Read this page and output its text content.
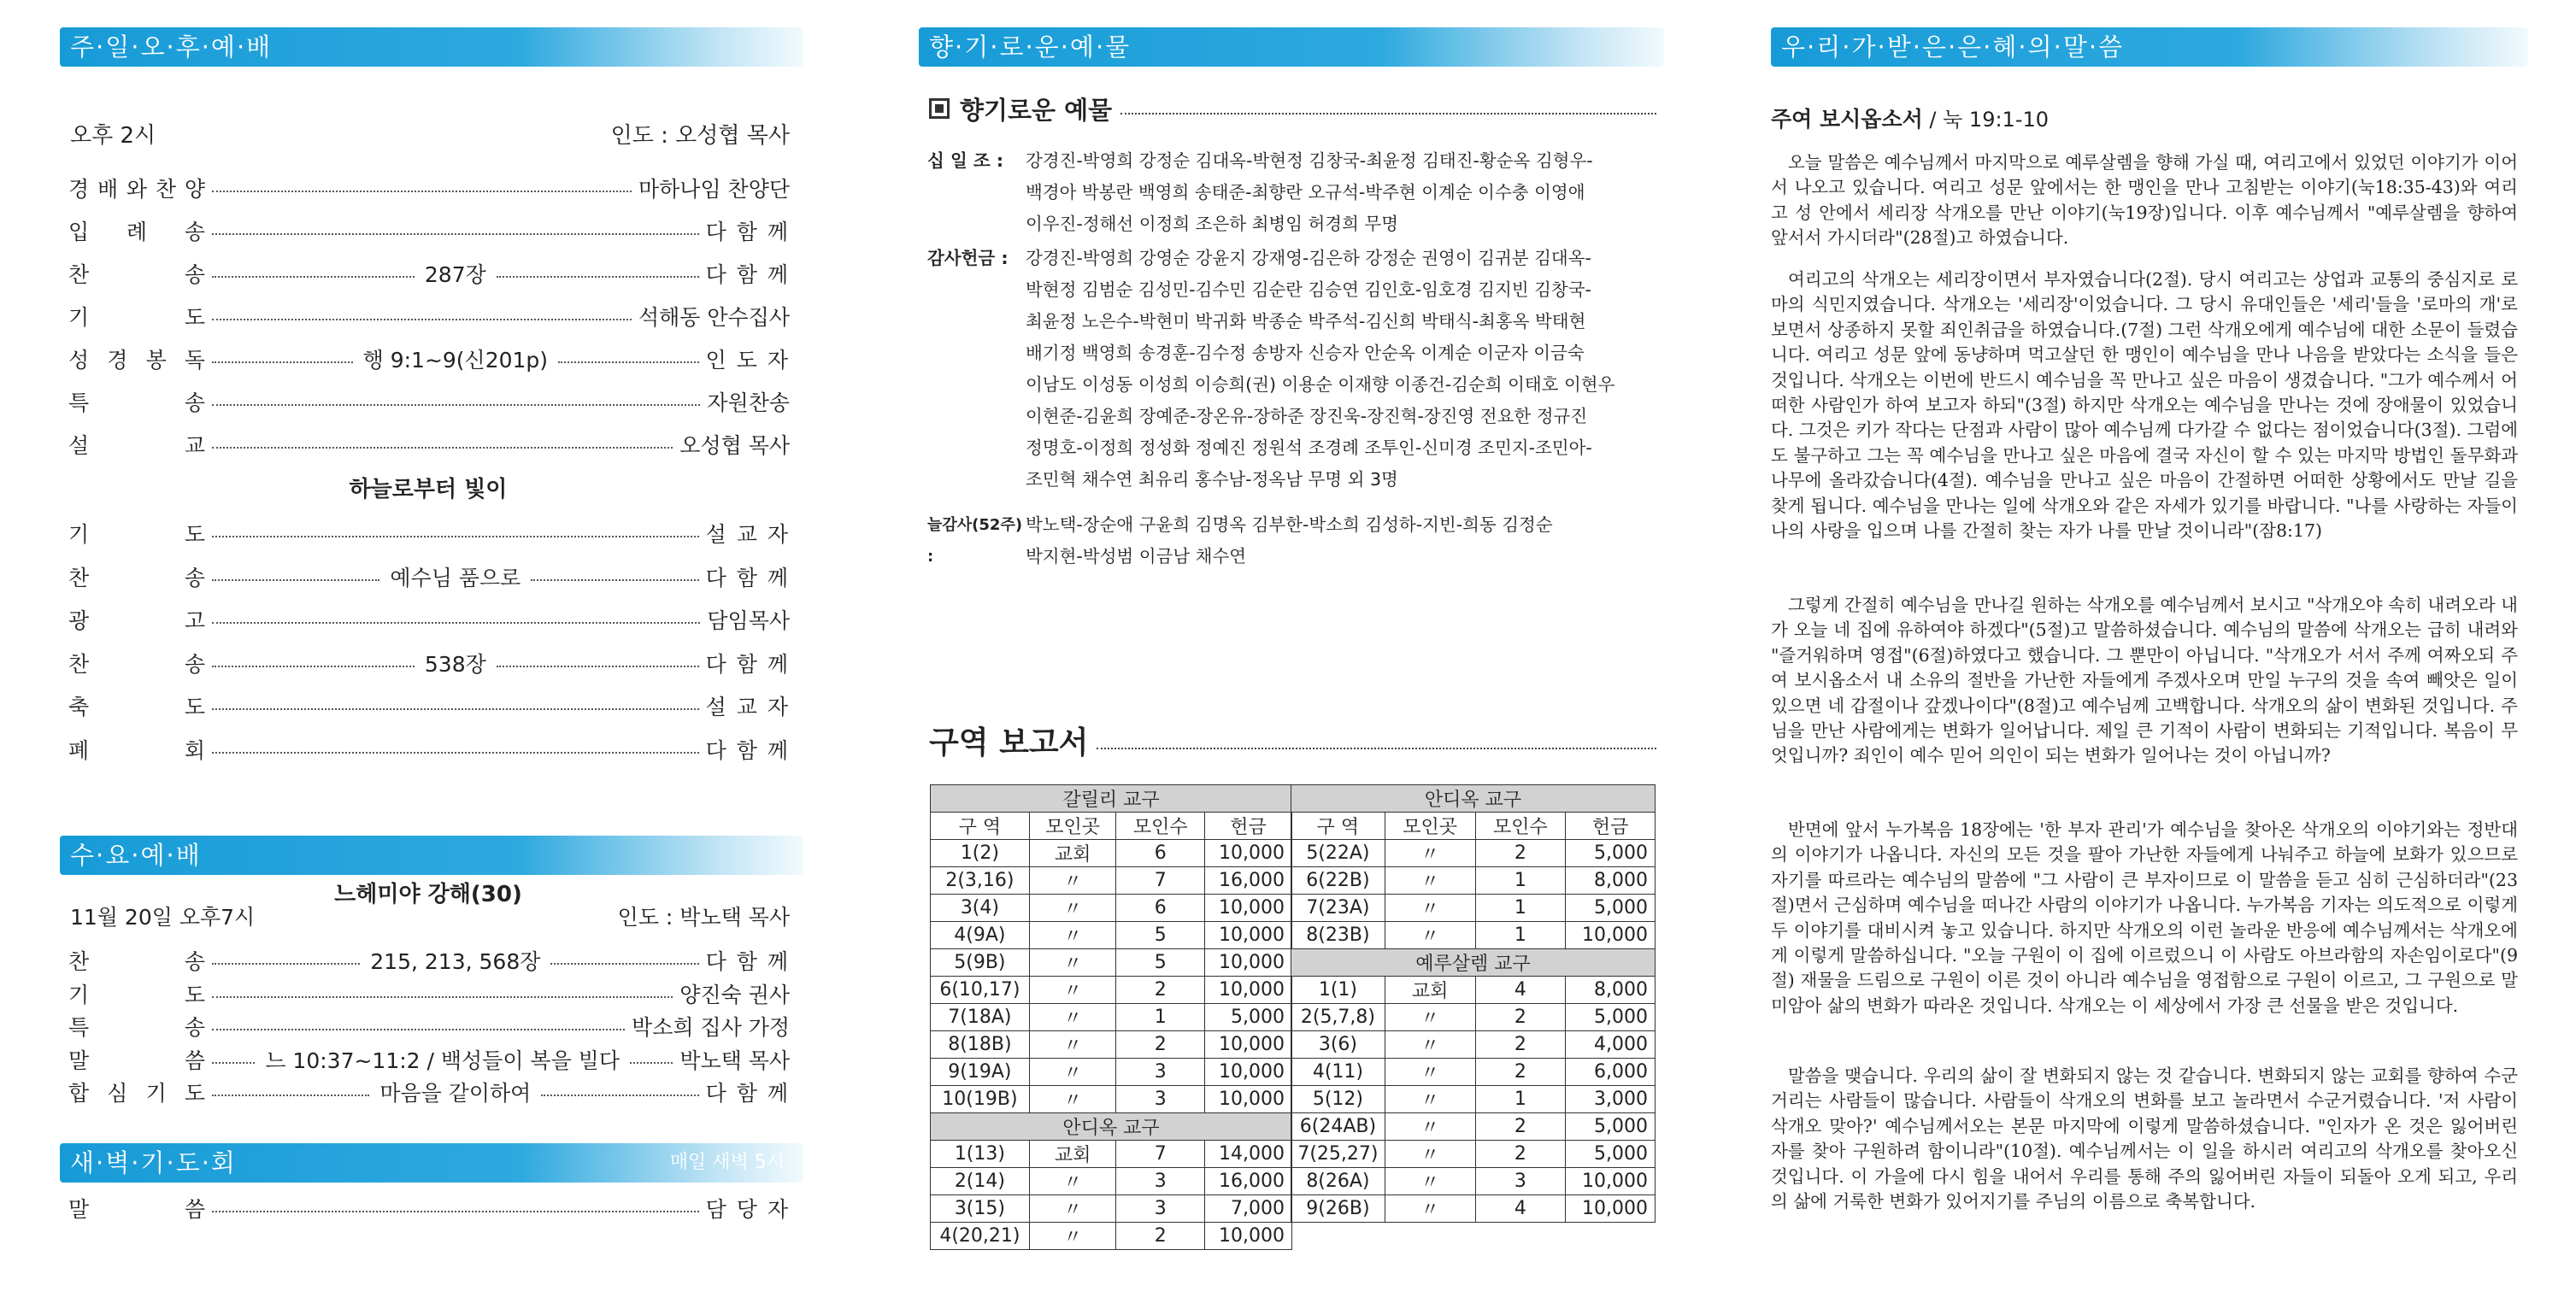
주·일·오·후·예·배
오후 2시	인도 : 오성협 목사
경 배 와 찬 양	마하나임 찬양단
입 례 송	다 함 께
찬	송	287장	다 함 께
기	도	석해동 안수집사
성 경 봉 독	행 9:1~9(신201p)	인 도 자
특	송	자원찬송
설	교	오성협 목사
하늘로부터 빛이
기	도	설 교 자
찬	송	예수님 품으로	다 함 께
광	고	담임목사
찬	송	538장	다 함 께
축	도	설 교 자
폐	회	다 함 께
수·요·예·배
느헤미야 강해(30)
11월 20일 오후7시	인도 : 박노택 목사
찬	송	215, 213, 568장	다 함 께
기	도	양진숙 권사
특	송	박소희 집사 가정
말	씀	느 10:37~11:2 / 백성들이 복을 빌다	박노택 목사
합 심 기 도	마음을 같이하여	다 함 께
새·벽·기·도·회	매일 새벽 5시
말	씀	담 당 자
향·기·로·운·예·물
향기로운 예물
십 일 조 :	강경진-박영희 강정순 김대옥-박현정 김창국-최윤정 김태진-황순옥 김형우-
백경아 박봉란 백영희 송태준-최향란 오규석-박주현 이계순 이수충 이영애
이우진-정해선 이정희 조은하 최병임 허경희 무명
감사헌금 : 강경진-박영희 강영순 강윤지 강재영-김은하 강정순 권영이 김귀분 김대옥-
박현정 김범순 김성민-김수민 김순란 김승연 김인호-임호경 김지빈 김창국-
최윤정 노은수-박현미 박귀화 박종순 박주석-김신희 박태식-최홍옥 박태현
배기정 백영희 송경훈-김수정 송방자 신승자 안순옥 이계순 이군자 이금숙
이남도 이성동 이성희 이승희(권) 이용순 이재향 이종건-김순희 이태호 이현우
이현준-김윤희 장예준-장온유-장하준 장진욱-장진혁-장진영 전요한 정규진
정명호-이정희 정성화 정예진 정원석 조경례 조투인-신미경 조민지-조민아-
조민혁 채수연 최유리 홍수남-정옥남 무명 외 3명
늘감사(52주) :
박노택-장순애 구윤희 김명옥 김부한-박소희 김성하-지빈-희동 김정순
박지현-박성범 이금남 채수연
구역 보고서
갈릴리 교구			
구 역	모인곳	모인수	헌금
1(2)	교회	6	10,000
2(3,16)	〃	7	16,000
3(4)	〃	6	10,000
4(9A)	〃	5	10,000
5(9B)	〃	5	10,000
6(10,17)	〃	2	10,000
7(18A)	〃	1	5,000
8(18B)	〃	2	10,000
9(19A)	〃	3	10,000
10(19B)	〃	3	10,000
안디옥 교구			
1(13)	교회	7	14,000
2(14)	〃	3	16,000
3(15)	〃	3	7,000
4(20,21)	〃	2	10,000
안디옥 교구			
구 역	모인곳	모인수	헌금
5(22A)	〃	2	5,000
6(22B)	〃	1	8,000
7(23A)	〃	1	5,000
8(23B)	〃	1	10,000
예루살렘 교구			
1(1)	교회	4	8,000
2(5,7,8)	〃	2	5,000
3(6)	〃	2	4,000
4(11)	〃	2	6,000
5(12)	〃	1	3,000
6(24AB)	〃	2	5,000
7(25,27)	〃	2	5,000
8(26A)	〃	3	10,000
9(26B)	〃	4	10,000
우·리·가·받·은·은·혜·의·말·씀
주여 보시옵소서 / 눅 19:1-10
오늘 말씀은 예수님께서 마지막으로 예루살렘을 향해 가실 때, 여리고에서 있었던 이야기가 이어서 나오고 있습니다. 여리고 성문 앞에서는 한 맹인을 만나 고침받는 이야기(눅18:35-43)와 여리고 성 안에서 세리장 삭개오를 만난 이야기(눅19장)입니다. 이후 예수님께서 "예루살렘을 향하여 앞서서 가시더라"(28절)고 하였습니다.
여리고의 삭개오는 세리장이면서 부자였습니다(2절). 당시 여리고는 상업과 교통의 중심지로 로마의 식민지였습니다. 삭개오는 '세리장'이었습니다. 그 당시 유대인들은 '세리'들을 '로마의 개'로 보면서 상종하지 못할 죄인취급을 하였습니다.(7절) 그런 삭개오에게 예수님에 대한 소문이 들렸습니다. 여리고 성문 앞에 동냥하며 먹고살던 한 맹인이 예수님을 만나 나음을 받았다는 소식을 들은 것입니다. 삭개오는 이번에 반드시 예수님을 꼭 만나고 싶은 마음이 생겼습니다. "그가 예수께서 어떠한 사람인가 하여 보고자 하되"(3절) 하지만 삭개오는 예수님을 만나는 것에 장애물이 있었습니다. 그것은 키가 작다는 단점과 사람이 많아 예수님께 다가갈 수 없다는 점이었습니다(3절). 그럼에도 불구하고 그는 꼭 예수님을 만나고 싶은 마음에 결국 자신이 할 수 있는 마지막 방법인 돌무화과나무에 올라갔습니다(4절). 예수님을 만나고 싶은 마음이 간절하면 어떠한 상황에서도 만날 길을 찾게 됩니다. 예수님을 만나는 일에 삭개오와 같은 자세가 있기를 바랍니다. "나를 사랑하는 자들이 나의 사랑을 입으며 나를 간절히 찾는 자가 나를 만날 것이니라"(잠8:17)
그렇게 간절히 예수님을 만나길 원하는 삭개오를 예수님께서 보시고 "삭개오야 속히 내려오라 내가 오늘 네 집에 유하여야 하겠다"(5절)고 말씀하셨습니다. 예수님의 말씀에 삭개오는 급히 내려와 "즐거워하며 영접"(6절)하였다고 했습니다. 그 뿐만이 아닙니다. "삭개오가 서서 주께 여짜오되 주여 보시옵소서 내 소유의 절반을 가난한 자들에게 주겠사오며 만일 누구의 것을 속여 빼앗은 일이 있으면 네 갑절이나 갚겠나이다"(8절)고 예수님께 고백합니다. 삭개오의 삶이 변화된 것입니다. 주님을 만난 사람에게는 변화가 일어납니다. 제일 큰 기적이 사람이 변화되는 기적입니다. 복음이 무엇입니까? 죄인이 예수 믿어 의인이 되는 변화가 일어나는 것이 아닙니까?
반면에 앞서 누가복음 18장에는 '한 부자 관리'가 예수님을 찾아온 삭개오의 이야기와는 정반대의 이야기가 나옵니다. 자신의 모든 것을 팔아 가난한 자들에게 나눠주고 하늘에 보화가 있으므로 자기를 따르라는 예수님의 말씀에 "그 사람이 큰 부자이므로 이 말씀을 듣고 심히 근심하더라"(23절)면서 근심하며 예수님을 떠나간 사람의 이야기가 나옵니다. 누가복음 기자는 의도적으로 이렇게 두 이야기를 대비시켜 놓고 있습니다. 하지만 삭개오의 이런 놀라운 반응에 예수님께서는 삭개오에게 이렇게 말씀하십니다. "오늘 구원이 이 집에 이르렀으니 이 사람도 아브라함의 자손임이로다"(9절) 재물을 드림으로 구원이 이른 것이 아니라 예수님을 영접함으로 구원이 이르고, 그 구원으로 말미암아 삶의 변화가 따라온 것입니다. 삭개오는 이 세상에서 가장 큰 선물을 받은 것입니다.
말씀을 맺습니다. 우리의 삶이 잘 변화되지 않는 것 같습니다. 변화되지 않는 교회를 향하여 수군거리는 사람들이 많습니다. 사람들이 삭개오의 변화를 보고 놀라면서 수군거렸습니다. '저 사람이 삭개오 맞아?' 예수님께서오는 본문 마지막에 이렇게 말씀하셨습니다. "인자가 온 것은 잃어버린 자를 찾아 구원하려 함이니라"(10절). 예수님께서는 이 일을 하시러 여리고의 삭개오를 찾아오신 것입니다. 이 가을에 다시 힘을 내어서 우리를 통해 주의 잃어버린 자들이 되돌아 오게 되고, 우리의 삶에 거룩한 변화가 있어지기를 주님의 이름으로 축복합니다.
